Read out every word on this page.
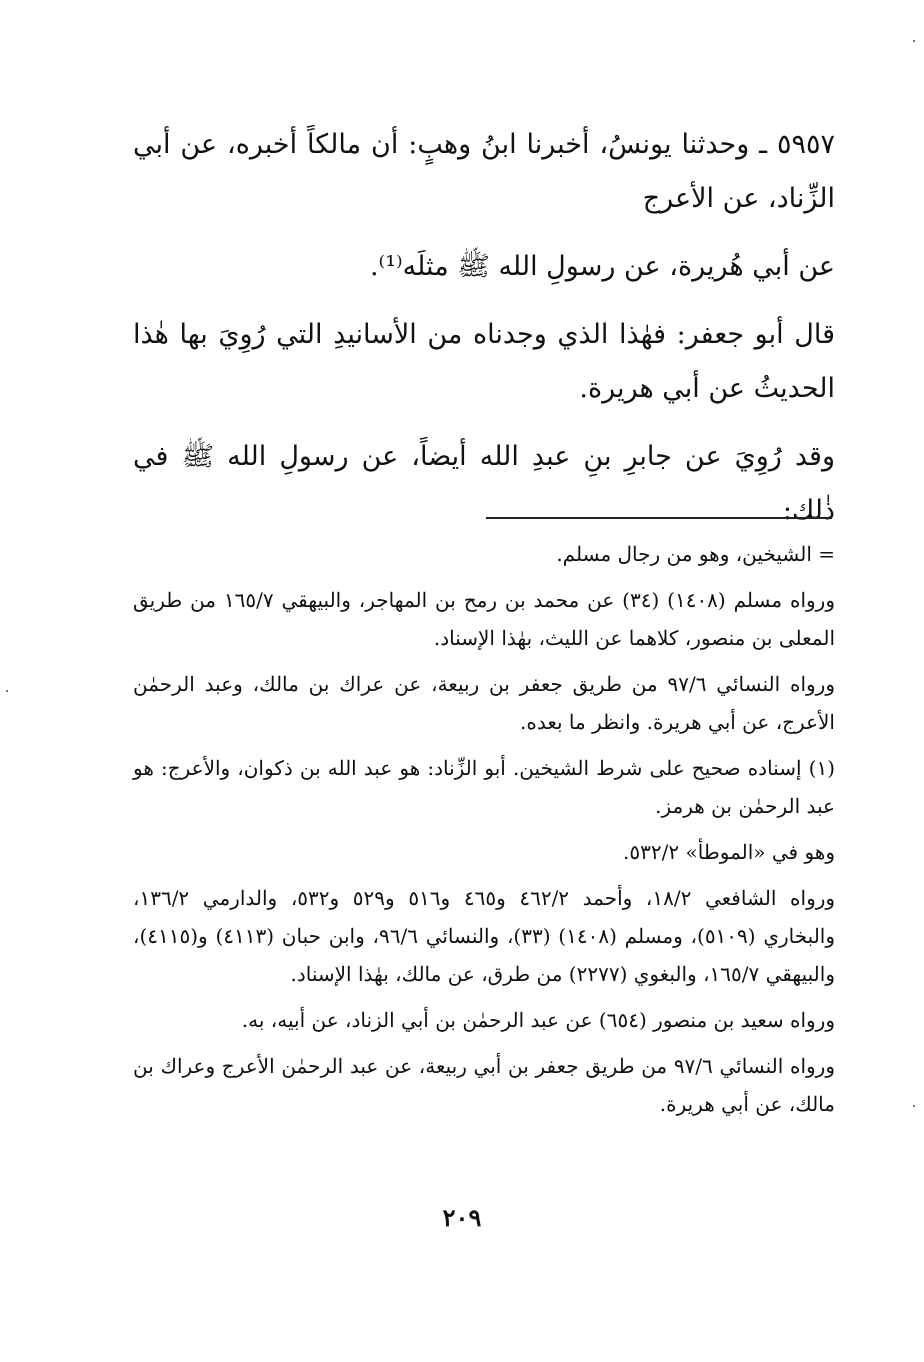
٥٩٥٧ ـ وحدثنا يونسُ، أخبرنا ابنُ وهبٍ: أن مالكاً أخبره، عن أبي الزِّناد، عن الأعرج

عن أبي هُريرة، عن رسولِ الله ﷺ مثلَه⁽¹⁾.

قال أبو جعفر: فهٰذا الذي وجدناه من الأسانيدِ التي رُوِيَ بها هٰذا الحديثُ عن أبي هريرة.

وقد رُوِيَ عن جابرِ بنِ عبدِ الله أيضاً، عن رسولِ الله ﷺ في ذٰلك:

= الشيخين، وهو من رجال مسلم.

ورواه مسلم (١٤٠٨) (٣٤) عن محمد بن رمح بن المهاجر، والبيهقي ١٦٥/٧ من طريق المعلى بن منصور، كلاهما عن الليث، بهٰذا الإسناد.

ورواه النسائي ٩٧/٦ من طريق جعفر بن ربيعة، عن عراك بن مالك، وعبد الرحمٰن الأعرج، عن أبي هريرة. وانظر ما بعده.

(١) إسناده صحيح على شرط الشيخين. أبو الزِّناد: هو عبد الله بن ذكوان، والأعرج: هو عبد الرحمٰن بن هرمز.

وهو في «الموطأ» ٥٣٢/٢.

ورواه الشافعي ١٨/٢، وأحمد ٤٦٢/٢ و٤٦٥ و٥١٦ و٥٢٩ و٥٣٢، والدارمي ١٣٦/٢، والبخاري (٥١٠٩)، ومسلم (١٤٠٨) (٣٣)، والنسائي ٩٦/٦، وابن حبان (٤١١٣) و(٤١١٥)، والبيهقي ١٦٥/٧، والبغوي (٢٢٧٧) من طرق، عن مالك، بهٰذا الإسناد.

ورواه سعيد بن منصور (٦٥٤) عن عبد الرحمٰن بن أبي الزناد، عن أبيه، به.

ورواه النسائي ٩٧/٦ من طريق جعفر بن أبي ربيعة، عن عبد الرحمٰن الأعرج وعراك بن مالك، عن أبي هريرة.

٢٠٩
